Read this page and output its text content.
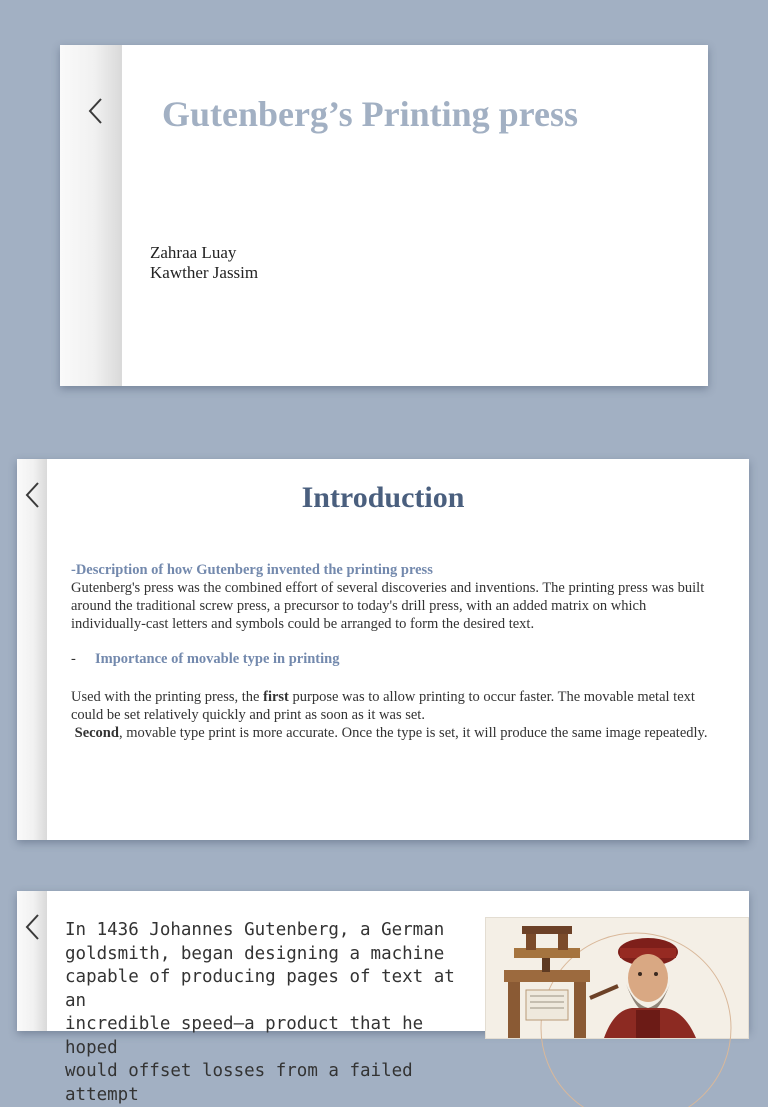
Gutenberg’s Printing press
Zahraa Luay
Kawther Jassim
Introduction
-Description of how Gutenberg invented the printing press
Gutenberg's press was the combined effort of several discoveries and inventions. The printing press was built around the traditional screw press, a precursor to today's drill press, with an added matrix on which individually-cast letters and symbols could be arranged to form the desired text.
- Importance of movable type in printing
Used with the printing press, the first purpose was to allow printing to occur faster. The movable metal text could be set relatively quickly and print as soon as it was set.
Second, movable type print is more accurate. Once the type is set, it will produce the same image repeatedly.
In 1436 Johannes Gutenberg, a German
goldsmith, began designing a machine
capable of producing pages of text at an
incredible speed—a product that he hoped
would offset losses from a failed attempt
